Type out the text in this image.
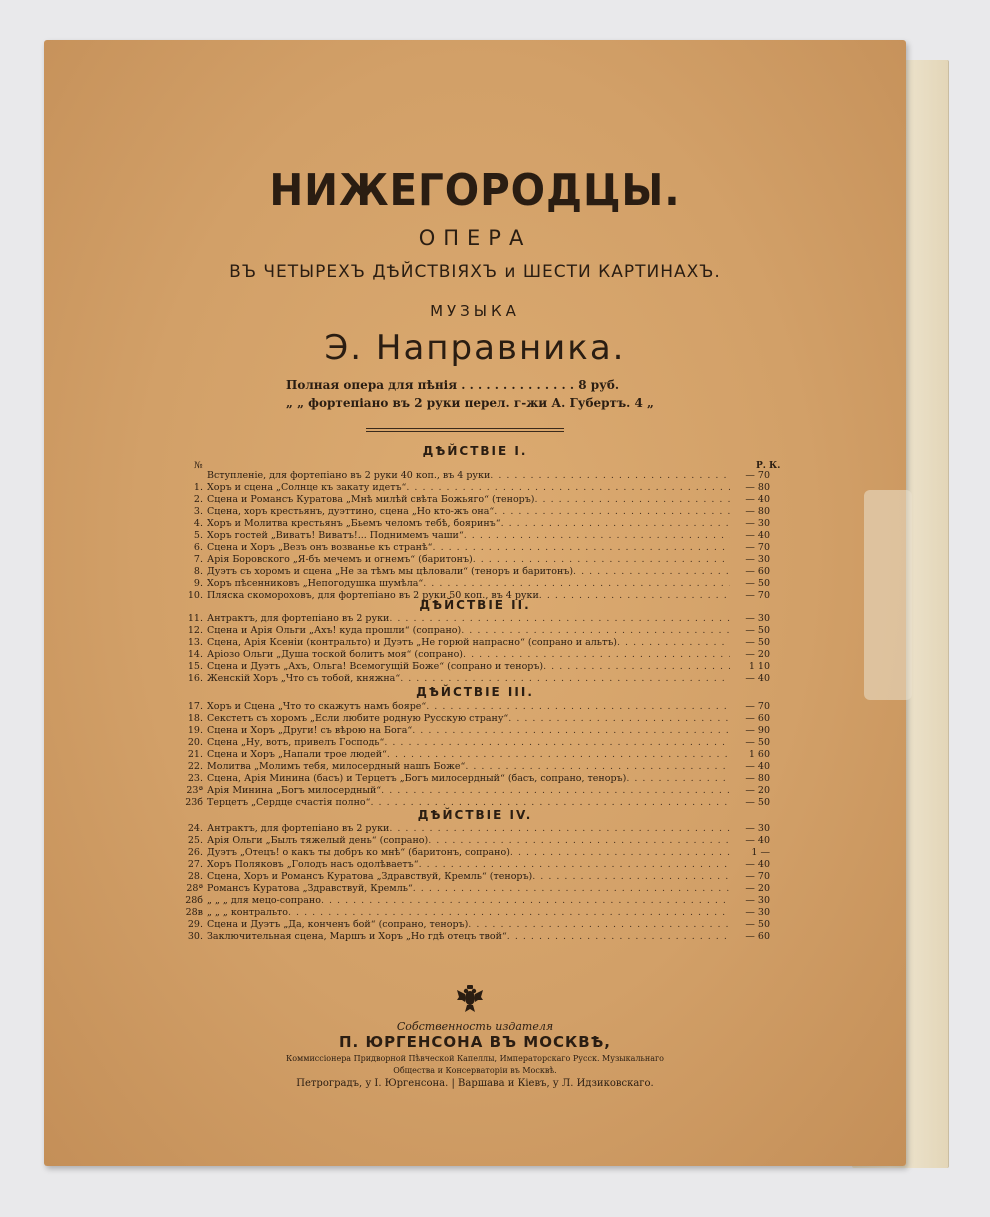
НИЖЕГОРОДЦЫ.
ОПЕРА
ВЪ ЧЕТЫРЕХЪ ДѢЙСТВІЯХЪ и ШЕСТИ КАРТИНАХЪ.
МУЗЫКА
Э. Направника.
Полная опера для пѣнія . . . . . . . . . . . . . . 8 руб.
„ „ фортепіано въ 2 руки перел. г-жи А. Губертъ. 4 „
№	Р. К.
ДѢЙСТВІЕ I.
Вступленіе, для фортепіано въ 2 руки 40 коп., въ 4 руки . . .	— 70
1. Хоръ и сцена „Солнце къ закату идетъ“ . . .	— 80
2. Сцена и Романсъ Куратова „Мнѣ милѣй свѣта Божьяго“ (теноръ) . . .	— 40
3. Сцена, хоръ крестьянъ, дуэттино, сцена „Но кто-жъ она“ . . .	— 80
4. Хоръ и Молитва крестьянъ „Бьемъ челомъ тебѣ, бояринъ“ . . .	— 30
5. Хоръ гостей „Виватъ! Виватъ!... Поднимемъ чаши“ . . .	— 40
6. Сцена и Хоръ „Везъ онъ возванье къ странѣ“ . . .	— 70
7. Арія Боровского „Я-бъ мечемъ и огнемъ“ (баритонъ) . . .	— 30
8. Дуэтъ съ хоромъ и сцена „Не за тѣмъ мы цѣловали“ (теноръ и баритонъ) . . .	— 60
9. Хоръ пѣсенниковъ „Непогодушка шумѣла“ . . .	— 50
10. Пляска скомороховъ, для фортепіано въ 2 руки 50 коп., въ 4 руки . . .	— 70
ДѢЙСТВІЕ II.
11. Антрактъ, для фортепіано въ 2 руки . . .	— 30
12. Сцена и Арія Ольги „Ахъ! куда прошли“ (сопрано) . . .	— 50
13. Сцена, Арія Ксеніи (контральто) и Дуэтъ „Не горюй напрасно“ (сопрано и альтъ) . . .	— 50
14. Аріозо Ольги „Душа тоской болитъ моя“ (сопрано) . . .	— 20
15. Сцена и Дуэтъ „Ахъ, Ольга! Всемогущій Боже“ (сопрано и теноръ) . . .	1 10
16. Женскій Хоръ „Что съ тобой, княжна“ . . .	— 40
ДѢЙСТВІЕ III.
17. Хоръ и Сцена „Что то скажутъ намъ бояре“ . . .	— 70
18. Секстетъ съ хоромъ „Если любите родную Русскую страну“ . . .	— 60
19. Сцена и Хоръ „Други! съ вѣрою на Бога“ . . .	— 90
20. Сцена „Ну, вотъ, привелъ Господь“ . . .	— 50
21. Сцена и Хоръ „Напали трое людей“ . . .	1 60
22. Молитва „Молимъ тебя, милосердный нашъ Боже“ . . .	— 40
23. Сцена, Арія Минина (басъ) и Терцетъ „Богъ милосердный“ (басъ, сопрано, теноръ) . . .	— 80
23ª Арія Минина „Богъ милосердный“ . . .	— 20
23б Терцетъ „Сердце счастія полно“ . . .	— 50
ДѢЙСТВІЕ IV.
24. Антрактъ, для фортепіано въ 2 руки . . .	— 30
25. Арія Ольги „Былъ тяжелый день“ (сопрано) . . .	— 40
26. Дуэтъ „Отецъ! о какъ ты добръ ко мнѣ“ (баритонъ, сопрано) . . .	1 —
27. Хоръ Поляковъ „Голодъ насъ одолѣваетъ“ . . .	— 40
28. Сцена, Хоръ и Романсъ Куратова „Здравствуй, Кремль“ (теноръ) . . .	— 70
28ª Романсъ Куратова „Здравствуй, Кремль“ . . .	— 20
28б „ „ „ для мецо-сопрано . . .	— 30
28в „ „ „ контральто . . .	— 30
29. Сцена и Дуэтъ „Да, конченъ бой“ (сопрано, теноръ) . . .	— 50
30. Заключительная сцена, Маршъ и Хоръ „Но гдѣ отецъ твой“ . . .	— 60
Собственность издателя
П. ЮРГЕНСОНА ВЪ МОСКВѢ,
Коммиссіонера Придворной Пѣвческой Капеллы, Императорскаго Русск. Музыкальнаго
Общества и Консерваторіи въ Москвѣ.
Петроградъ, у І. Юргенсона. | Варшава и Кіевъ, у Л. Идзиковскаго.
